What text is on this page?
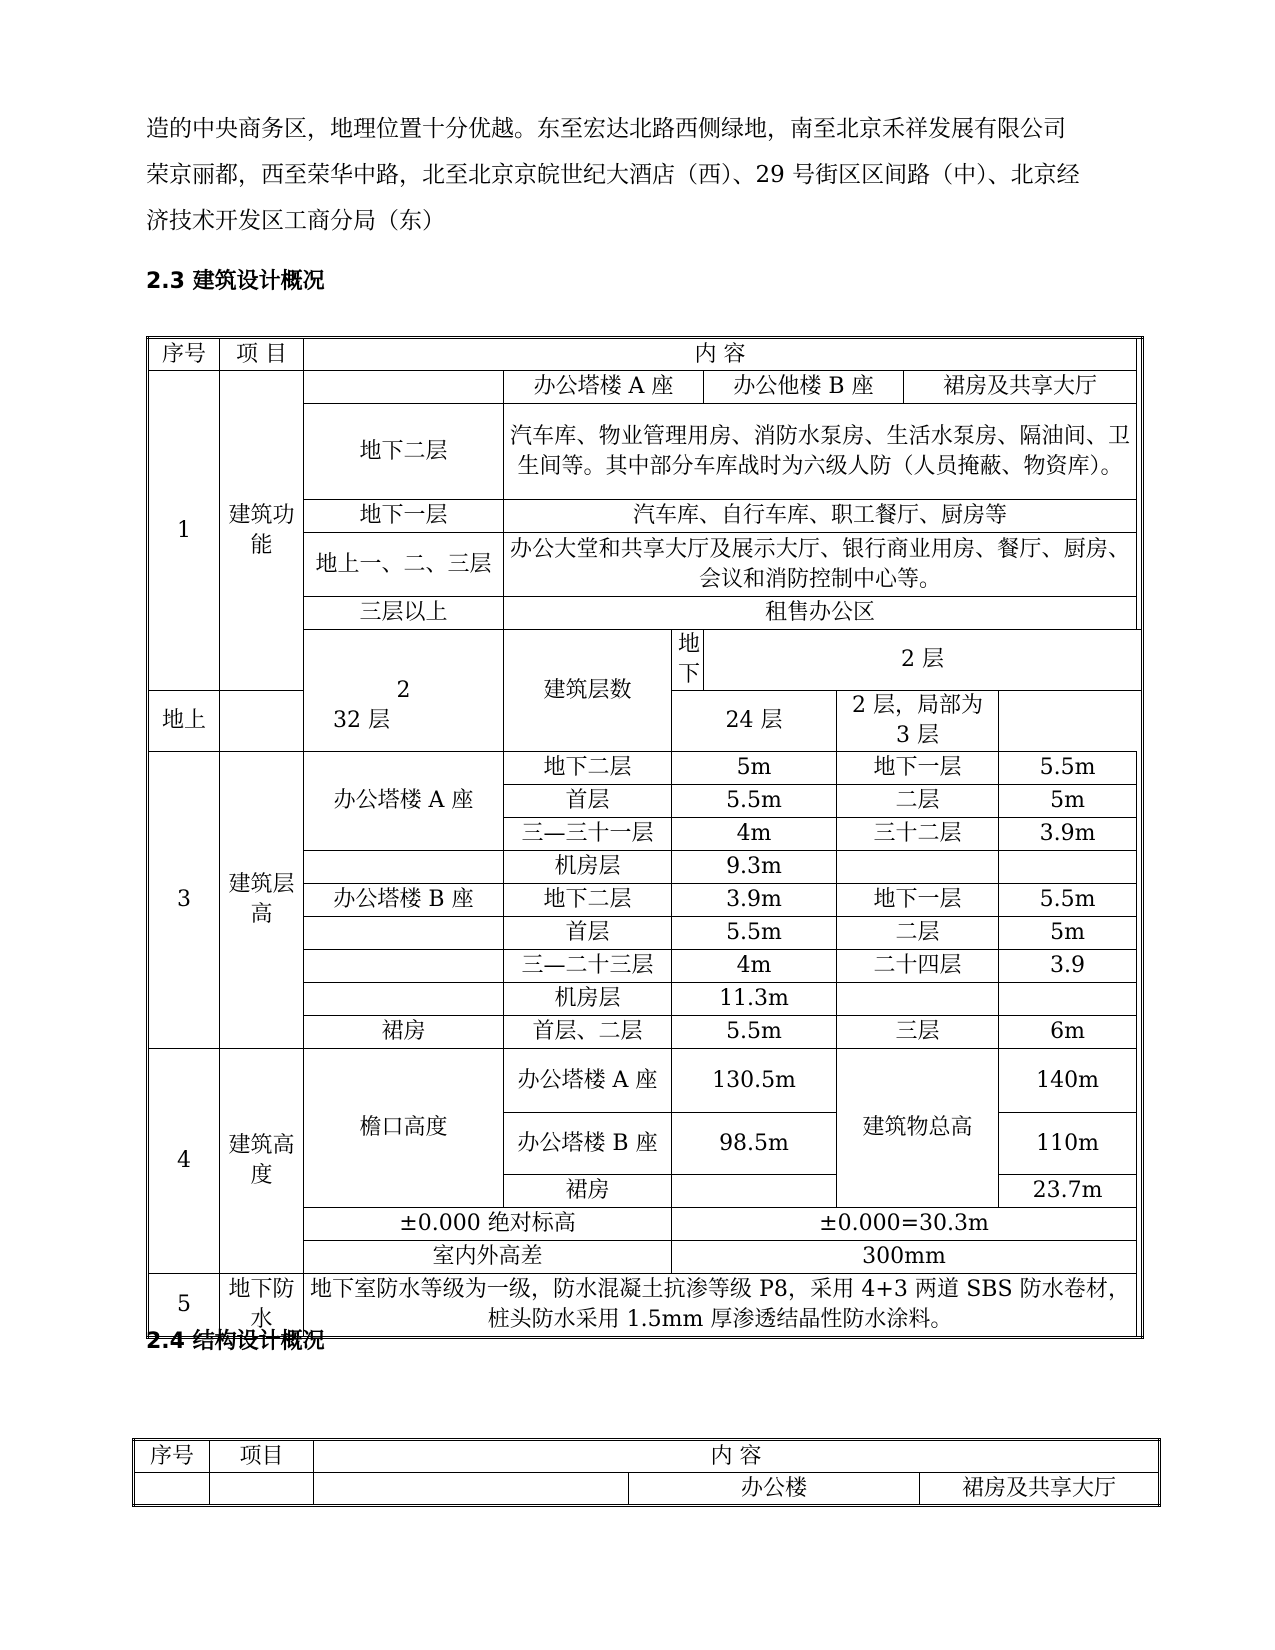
造的中央商务区，地理位置十分优越。东至宏达北路西侧绿地，南至北京禾祥发展有限公司

荣京丽都，西至荣华中路，北至北京京皖世纪大酒店（西）、29 号街区区间路（中）、北京经

济技术开发区工商分局（东）

2.3 建筑设计概况
序号	项 目	内 容						
1	建筑功能		办公塔楼 A 座		办公他楼 B 座		裙房及共享大厅	
		地下二层	汽车库、物业管理用房、消防水泵房、生活水泵房、隔油间、卫生间等。其中部分车库战时为六级人防（人员掩蔽、物资库）。					
		地下一层	汽车库、自行车库、职工餐厅、厨房等					
		地上一、二、三层	办公大堂和共享大厅及展示大厅、银行商业用房、餐厅、厨房、会议和消防控制中心等。					
		三层以上	租售办公区					
		2	建筑层数	地下	2 层			
地上	32 层			24 层		2 层，局部为 3 层		
3	建筑层高	办公塔楼 A 座	地下二层	5m		地下一层		5.5m
			首层	5.5m		二层		5m
			三—三十一层	4m		三十二层		3.9m
			机房层	9.3m				
		办公塔楼 B 座	地下二层	3.9m		地下一层		5.5m
			首层	5.5m		二层		5m
			三—二十三层	4m		二十四层		3.9
			机房层	11.3m				
		裙房	首层、二层	5.5m		三层		6m
4	建筑高度	檐口高度	办公塔楼 A 座	130.5m		建筑物总高		140m
			办公塔楼 B 座	98.5m				110m
			裙房					23.7m
		±0.000 绝对标高		±0.000=30.3m				
		室内外高差		300mm				
5	地下防水	地下室防水等级为一级，防水混凝土抗渗等级 P8，采用 4+3 两道 SBS 防水卷材，桩头防水采用 1.5mm 厚渗透结晶性防水涂料。						
2.4 结构设计概况
序号	项目	内 容		
			办公楼	裙房及共享大厅
